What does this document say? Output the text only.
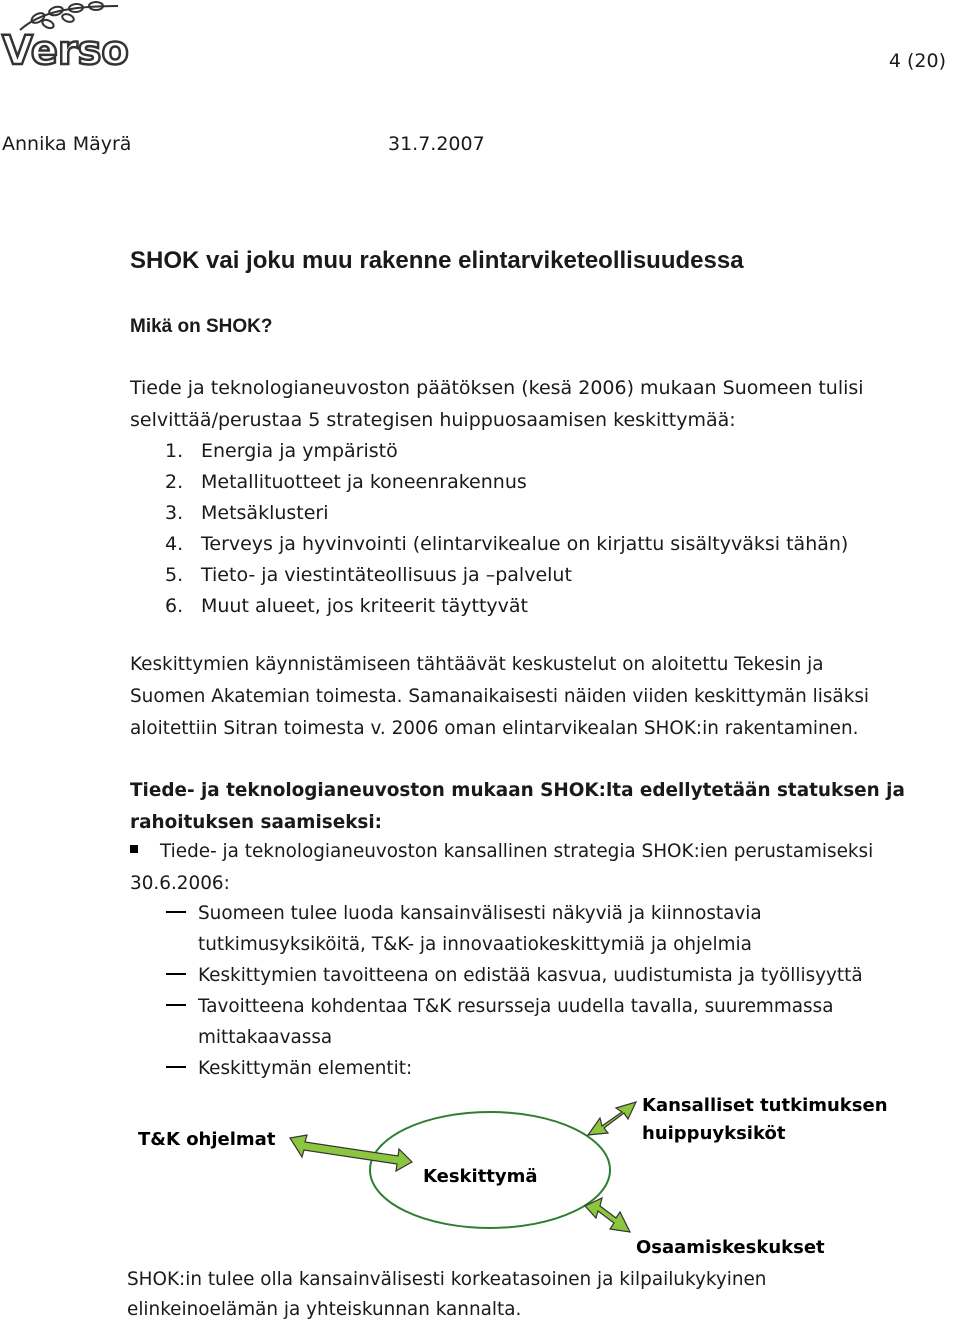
Verso	4 (20)
Annika Mäyrä	31.7.2007
SHOK vai joku muu rakenne elintarviketeollisuudessa
Mikä on SHOK?
Tiede ja teknologianeuvoston päätöksen (kesä 2006) mukaan Suomeen tulisi
selvittää/perustaa 5 strategisen huippuosaamisen keskittymää:
1. Energia ja ympäristö
2. Metallituotteet ja koneenrakennus
3. Metsäklusteri
4. Terveys ja hyvinvointi (elintarvikealue on kirjattu sisältyväksi tähän)
5. Tieto- ja viestintäteollisuus ja –palvelut
6. Muut alueet, jos kriteerit täyttyvät
Keskittymien käynnistämiseen tähtäävät keskustelut on aloitettu Tekesin ja
Suomen Akatemian toimesta. Samanaikaisesti näiden viiden keskittymän lisäksi
aloitettiin Sitran toimesta v. 2006 oman elintarvikealan SHOK:in rakentaminen.
Tiede- ja teknologianeuvoston mukaan SHOK:lta edellytetään statuksen ja
rahoituksen saamiseksi:
Tiede- ja teknologianeuvoston kansallinen strategia SHOK:ien perustamiseksi
30.6.2006:
Suomeen tulee luoda kansainvälisesti näkyviä ja kiinnostavia
tutkimusyksiköitä, T&K- ja innovaatiokeskittymiä ja ohjelmia
Keskittymien tavoitteena on edistää kasvua, uudistumista ja työllisyyttä
Tavoitteena kohdentaa T&K resursseja uudella tavalla, suuremmassa
mittakaavassa
Keskittymän elementit:
T&K ohjelmat
Keskittymä
Kansalliset tutkimuksen
huippuyksiköt
Osaamiskeskukset
SHOK:in tulee olla kansainvälisesti korkeatasoinen ja kilpailukykyinen
elinkeinoelämän ja yhteiskunnan kannalta.
